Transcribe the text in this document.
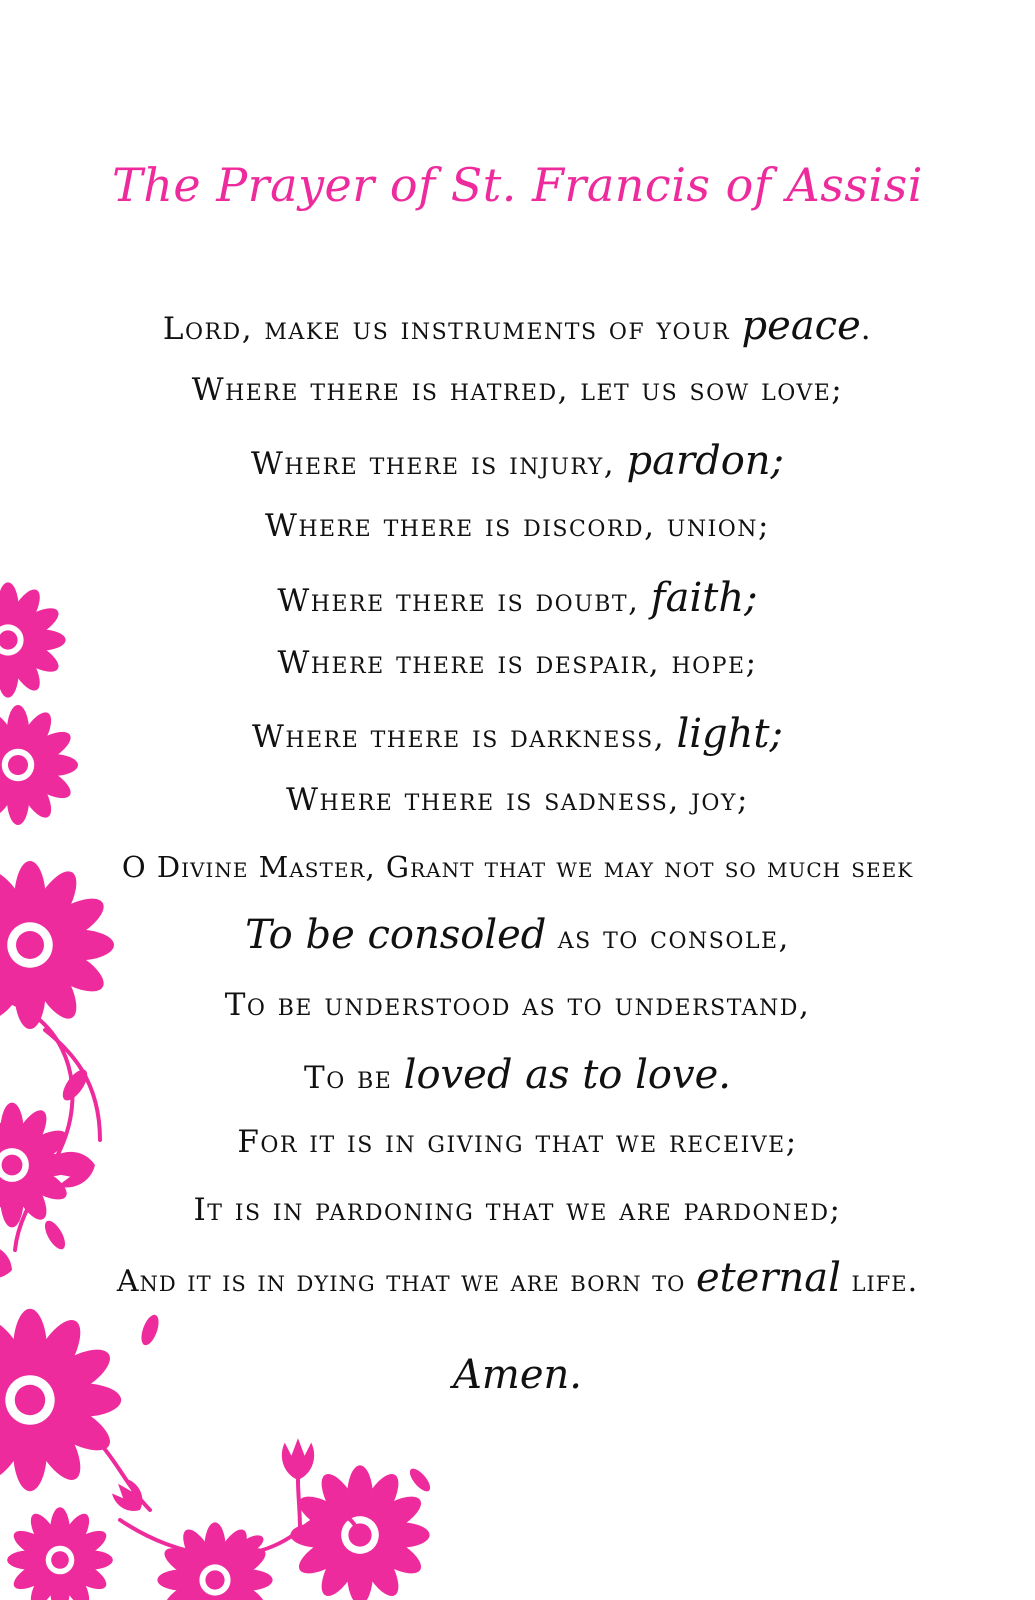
The Prayer of St. Francis of Assisi
Lord, make us instruments of your peace.
Where there is hatred, let us sow love;
Where there is injury, pardon;
Where there is discord, union;
Where there is doubt, faith;
Where there is despair, hope;
Where there is darkness, light;
Where there is sadness, joy;
O Divine Master, Grant that we may not so much seek
To be consoled as to console,
To be understood as to understand,
To be loved as to love.
For it is in giving that we receive;
It is in pardoning that we are pardoned;
And it is in dying that we are born to eternal life.
Amen.
